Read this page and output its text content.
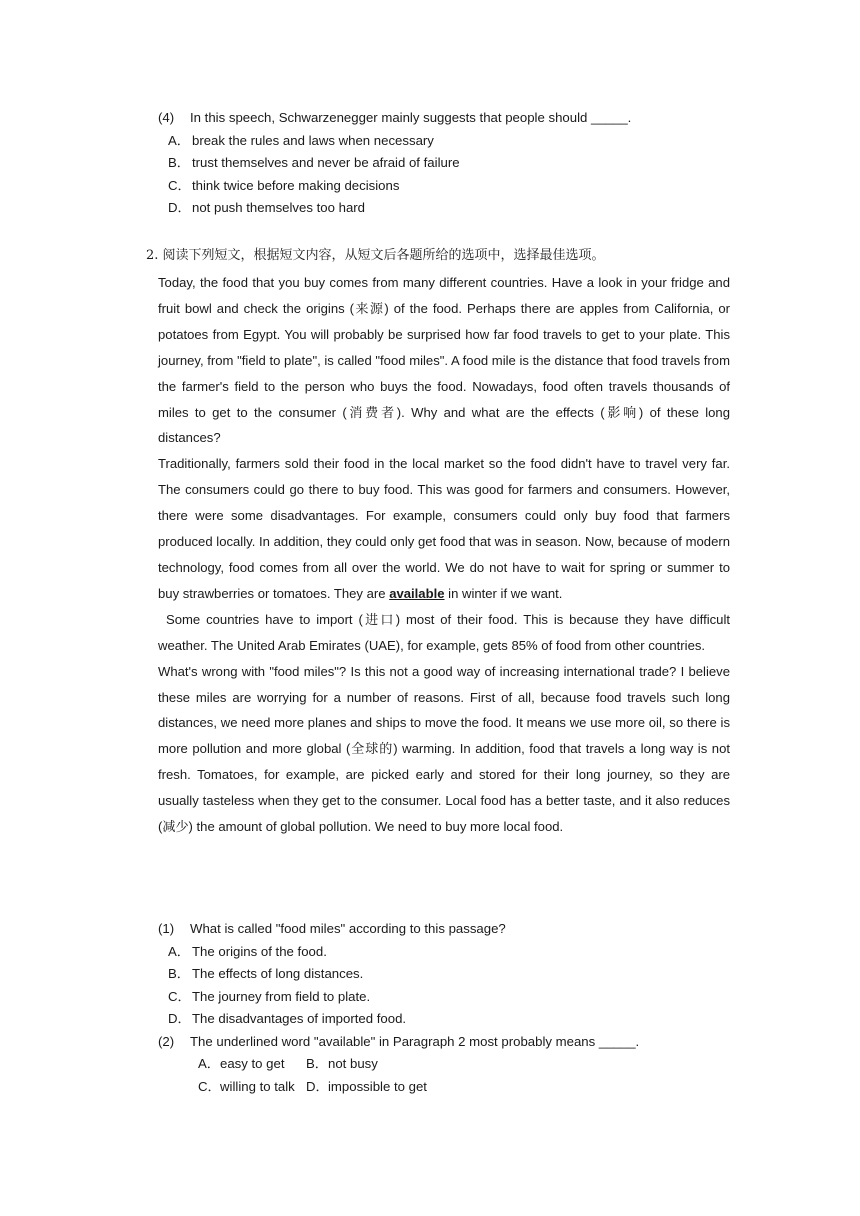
(4) In this speech, Schwarzenegger mainly suggests that people should _____.
A． break the rules and laws when necessary
B． trust themselves and never be afraid of failure
C．think twice before making decisions
D．not push themselves too hard
2. 阅读下列短文，根据短文内容，从短文后各题所给的选项中，选择最佳选项。

Today, the food that you buy comes from many different countries. Have a look in your fridge and fruit bowl and check the origins (来源) of the food. Perhaps there are apples from California, or potatoes from Egypt. You will probably be surprised how far food travels to get to your plate. This journey, from "field to plate", is called "food miles". A food mile is the distance that food travels from the farmer's field to the person who buys the food. Nowadays, food often travels thousands of miles to get to the consumer (消费者). Why and what are the effects (影响) of these long distances?

Traditionally, farmers sold their food in the local market so the food didn't have to travel very far. The consumers could go there to buy food. This was good for farmers and consumers. However, there were some disadvantages. For example, consumers could only buy food that farmers produced locally. In addition, they could only get food that was in season. Now, because of modern technology, food comes from all over the world. We do not have to wait for spring or summer to buy strawberries or tomatoes. They are available in winter if we want.

Some countries have to import (进口) most of their food. This is because they have difficult weather. The United Arab Emirates (UAE), for example, gets 85% of food from other countries.

What's wrong with "food miles"? Is this not a good way of increasing international trade? I believe these miles are worrying for a number of reasons. First of all, because food travels such long distances, we need more planes and ships to move the food. It means we use more oil, so there is more pollution and more global (全球的) warming. In addition, food that travels a long way is not fresh. Tomatoes, for example, are picked early and stored for their long journey, so they are usually tasteless when they get to the consumer. Local food has a better taste, and it also reduces (减少) the amount of global pollution. We need to buy more local food.

(1) What is called "food miles" according to this passage?
A． The origins of the food.
B． The effects of long distances.
C．The journey from field to plate.
D．The disadvantages of imported food.
(2) The underlined word "available" in Paragraph 2 most probably means _____.
A．easy to get B．not busy
C．willing to talk D．impossible to get
